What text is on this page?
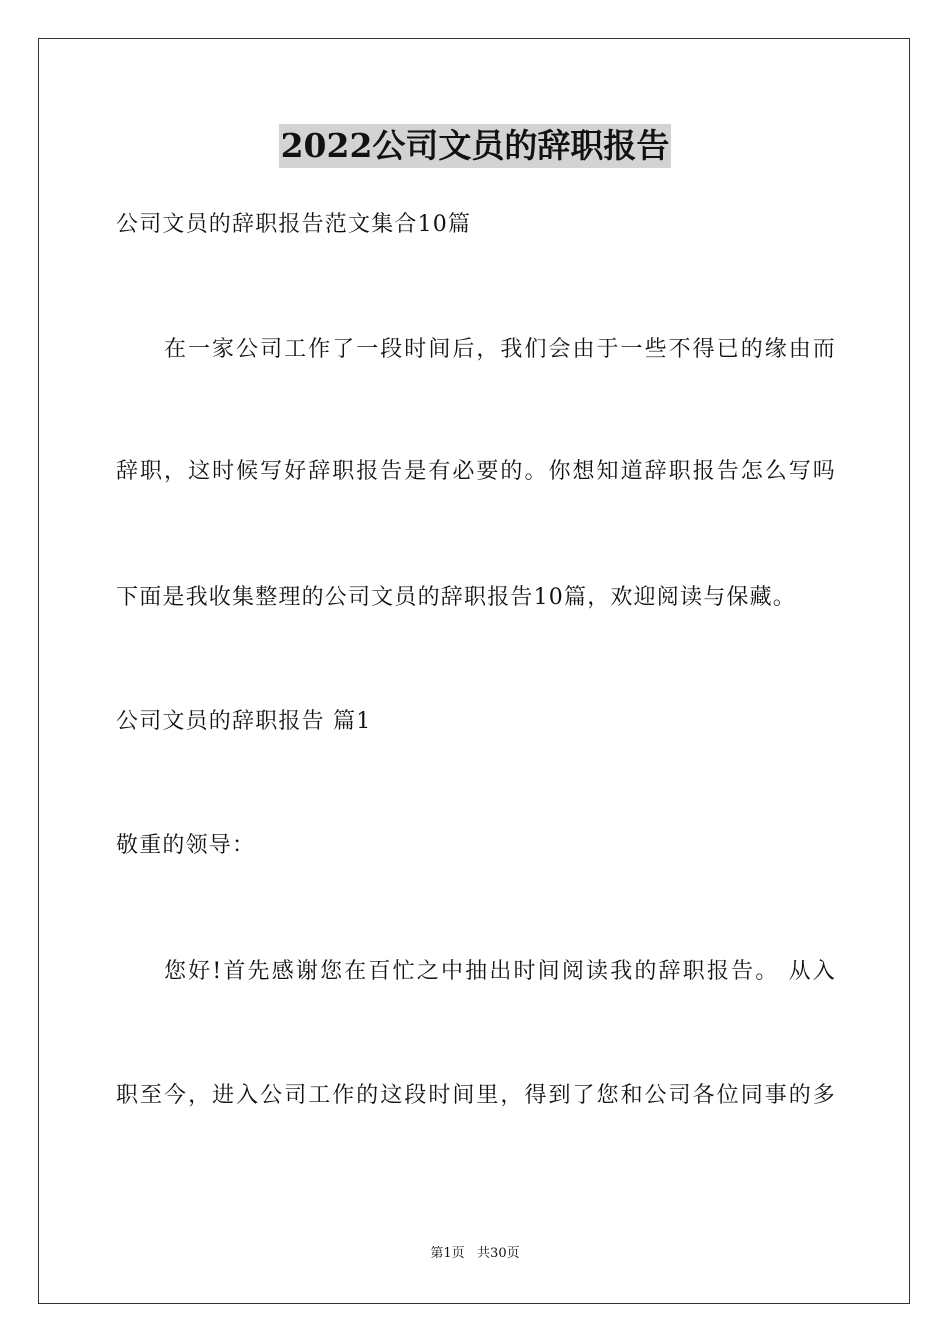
2022公司文员的辞职报告
公司文员的辞职报告范文集合10篇
在一家公司工作了一段时间后，我们会由于一些不得已的缘由而
辞职，这时候写好辞职报告是有必要的。你想知道辞职报告怎么写吗
下面是我收集整理的公司文员的辞职报告10篇，欢迎阅读与保藏。
公司文员的辞职报告 篇1
敬重的领导：
您好!首先感谢您在百忙之中抽出时间阅读我的辞职报告。 从入
职至今，进入公司工作的这段时间里，得到了您和公司各位同事的多
第1页   共30页
